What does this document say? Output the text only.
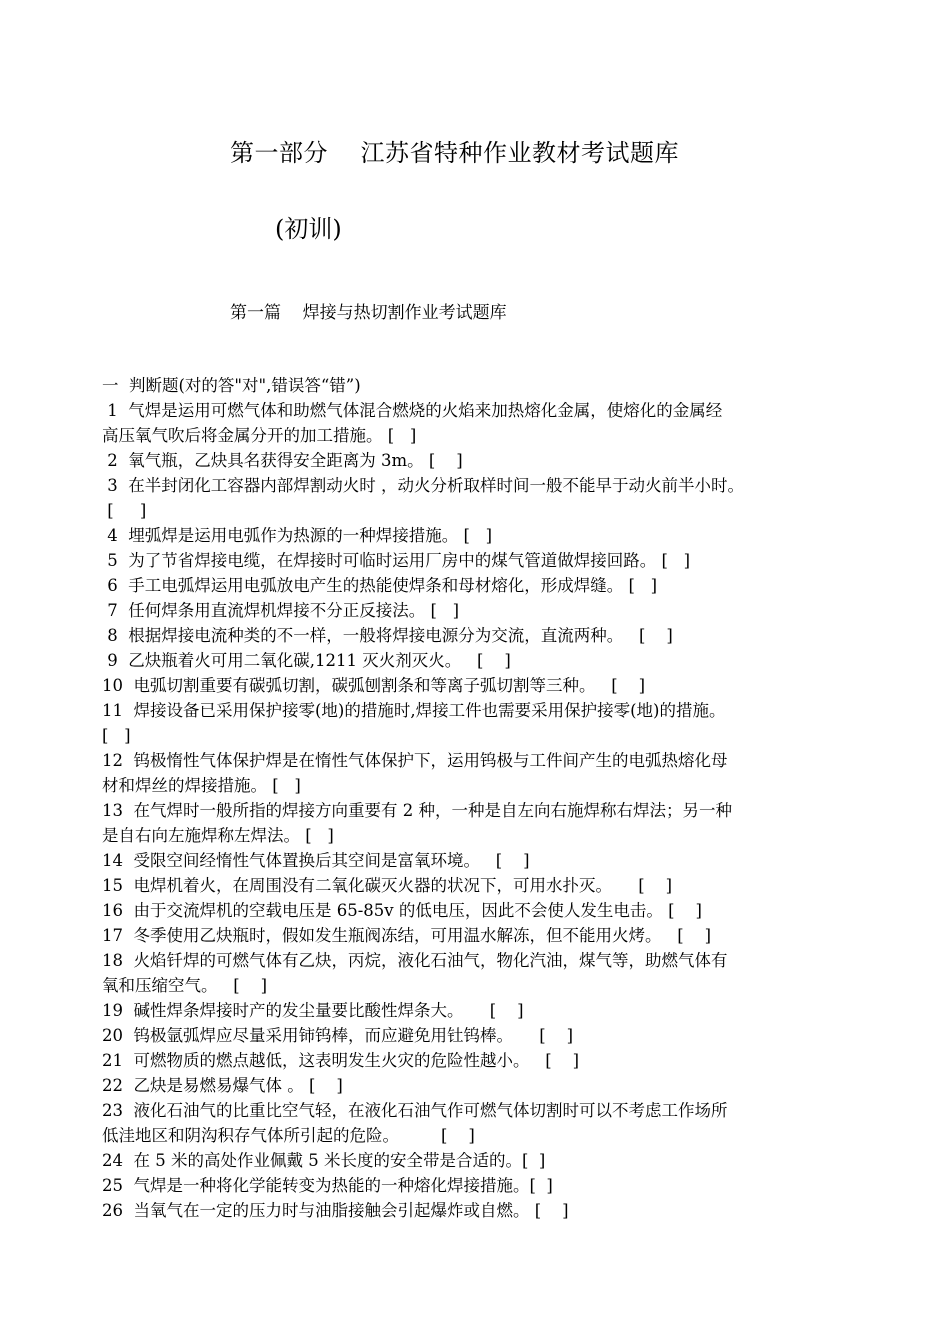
第一部分    江苏省特种作业教材考试题库
(初训)
第一篇    焊接与热切割作业考试题库
一  判断题(对的答"对",错误答“错”)
1  气焊是运用可燃气体和助燃气体混合燃烧的火焰来加热熔化金属，使熔化的金属经
高压氧气吹后将金属分开的加工措施。 [   ]
2  氧气瓶，乙炔具名获得安全距离为 3m。 [    ]
3  在半封闭化工容器内部焊割动火时 ，动火分析取样时间一般不能早于动火前半小时。
[     ]
4  埋弧焊是运用电弧作为热源的一种焊接措施。 [   ]
5  为了节省焊接电缆，在焊接时可临时运用厂房中的煤气管道做焊接回路。 [   ]
6  手工电弧焊运用电弧放电产生的热能使焊条和母材熔化，形成焊缝。 [   ]
7  任何焊条用直流焊机焊接不分正反接法。 [   ]
8  根据焊接电流种类的不一样，一般将焊接电源分为交流，直流两种。   [    ]
9  乙炔瓶着火可用二氧化碳,1211 灭火剂灭火。   [    ]
10  电弧切割重要有碳弧切割，碳弧刨割条和等离子弧切割等三种。   [    ]
11  焊接设备已采用保护接零(地)的措施时,焊接工件也需要采用保护接零(地)的措施。
[   ]
12  钨极惰性气体保护焊是在惰性气体保护下，运用钨极与工件间产生的电弧热熔化母
材和焊丝的焊接措施。 [   ]
13  在气焊时一般所指的焊接方向重要有 2 种，一种是自左向右施焊称右焊法；另一种
是自右向左施焊称左焊法。 [   ]
14  受限空间经惰性气体置换后其空间是富氧环境。   [    ]
15  电焊机着火，在周围没有二氧化碳灭火器的状况下，可用水扑灭。     [    ]
16  由于交流焊机的空载电压是 65-85v 的低电压，因此不会使人发生电击。 [    ]
17  冬季使用乙炔瓶时，假如发生瓶阀冻结，可用温水解冻，但不能用火烤。   [    ]
18  火焰钎焊的可燃气体有乙炔，丙烷，液化石油气，物化汽油，煤气等，助燃气体有
氧和压缩空气。   [    ]
19  碱性焊条焊接时产的发尘量要比酸性焊条大。     [    ]
20  钨极氩弧焊应尽量采用铈钨棒，而应避免用钍钨棒。     [    ]
21  可燃物质的燃点越低，这表明发生火灾的危险性越小。   [    ]
22  乙炔是易燃易爆气体 。 [    ]
23  液化石油气的比重比空气轻，在液化石油气作可燃气体切割时可以不考虑工作场所
低洼地区和阴沟积存气体所引起的危险。        [    ]
24  在 5 米的高处作业佩戴 5 米长度的安全带是合适的。[  ]
25  气焊是一种将化学能转变为热能的一种熔化焊接措施。[  ]
26  当氧气在一定的压力时与油脂接触会引起爆炸或自燃。 [    ]
